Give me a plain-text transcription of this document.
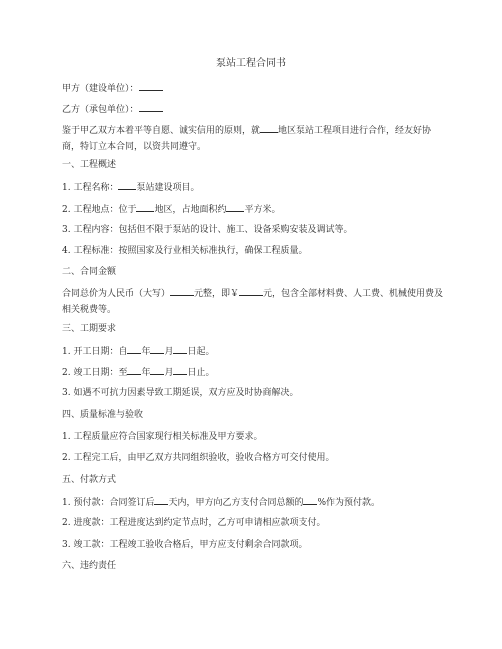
泵站工程合同书
甲方（建设单位）：
乙方（承包单位）：
鉴于甲乙双方本着平等自愿、诚实信用的原则，就 地区泵站工程项目进行合作，经友好协商，特订立本合同，以资共同遵守。
一、工程概述
1. 工程名称： 泵站建设项目。
2. 工程地点：位于 地区，占地面积约 平方米。
3. 工程内容：包括但不限于泵站的设计、施工、设备采购安装及调试等。
4. 工程标准：按照国家及行业相关标准执行，确保工程质量。
二、合同金额
合同总价为人民币（大写）	元整，即￥	元，包含全部材料费、人工费、机械使用费及相关税费等。
三、工期要求
1. 开工日期：自 年 月 日起。
2. 竣工日期：至 年 月 日止。
3. 如遇不可抗力因素导致工期延误，双方应及时协商解决。
四、质量标准与验收
1. 工程质量应符合国家现行相关标准及甲方要求。
2. 工程完工后，由甲乙双方共同组织验收，验收合格方可交付使用。
五、付款方式
1. 预付款：合同签订后 天内，甲方向乙方支付合同总额的 %作为预付款。
2. 进度款：工程进度达到约定节点时，乙方可申请相应款项支付。
3. 竣工款：工程竣工验收合格后，甲方应支付剩余合同款项。
六、违约责任
